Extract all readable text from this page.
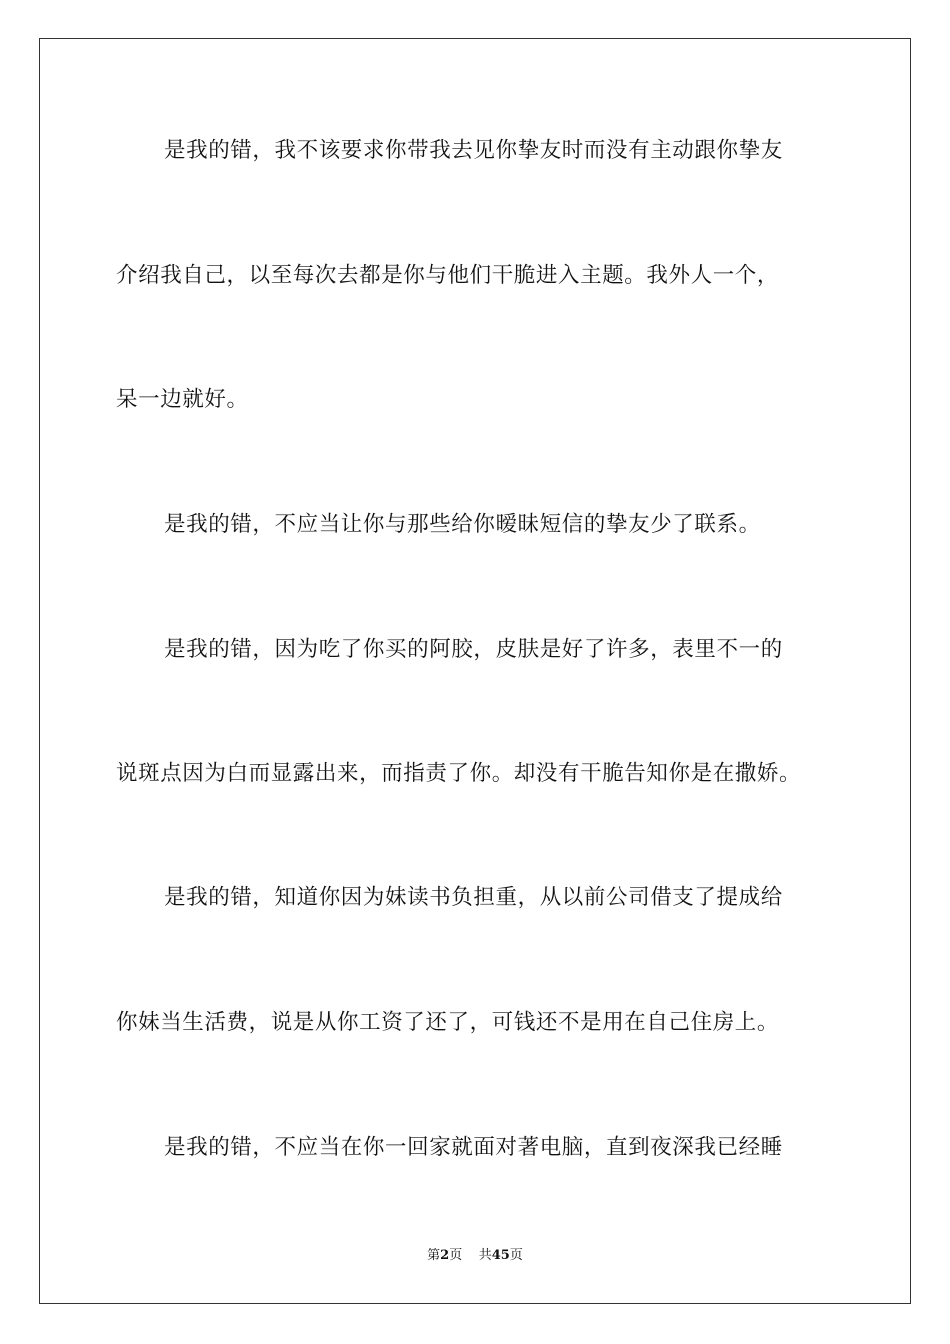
是我的错，我不该要求你带我去见你挚友时而没有主动跟你挚友
介绍我自己，以至每次去都是你与他们干脆进入主题。我外人一个，
呆一边就好。
是我的错，不应当让你与那些给你暧昧短信的挚友少了联系。
是我的错，因为吃了你买的阿胶，皮肤是好了许多，表里不一的
说斑点因为白而显露出来，而指责了你。却没有干脆告知你是在撒娇。
是我的错，知道你因为妹读书负担重，从以前公司借支了提成给
你妹当生活费，说是从你工资了还了，可钱还不是用在自己住房上。
是我的错，不应当在你一回家就面对著电脑，直到夜深我已经睡
第2页 共45页
